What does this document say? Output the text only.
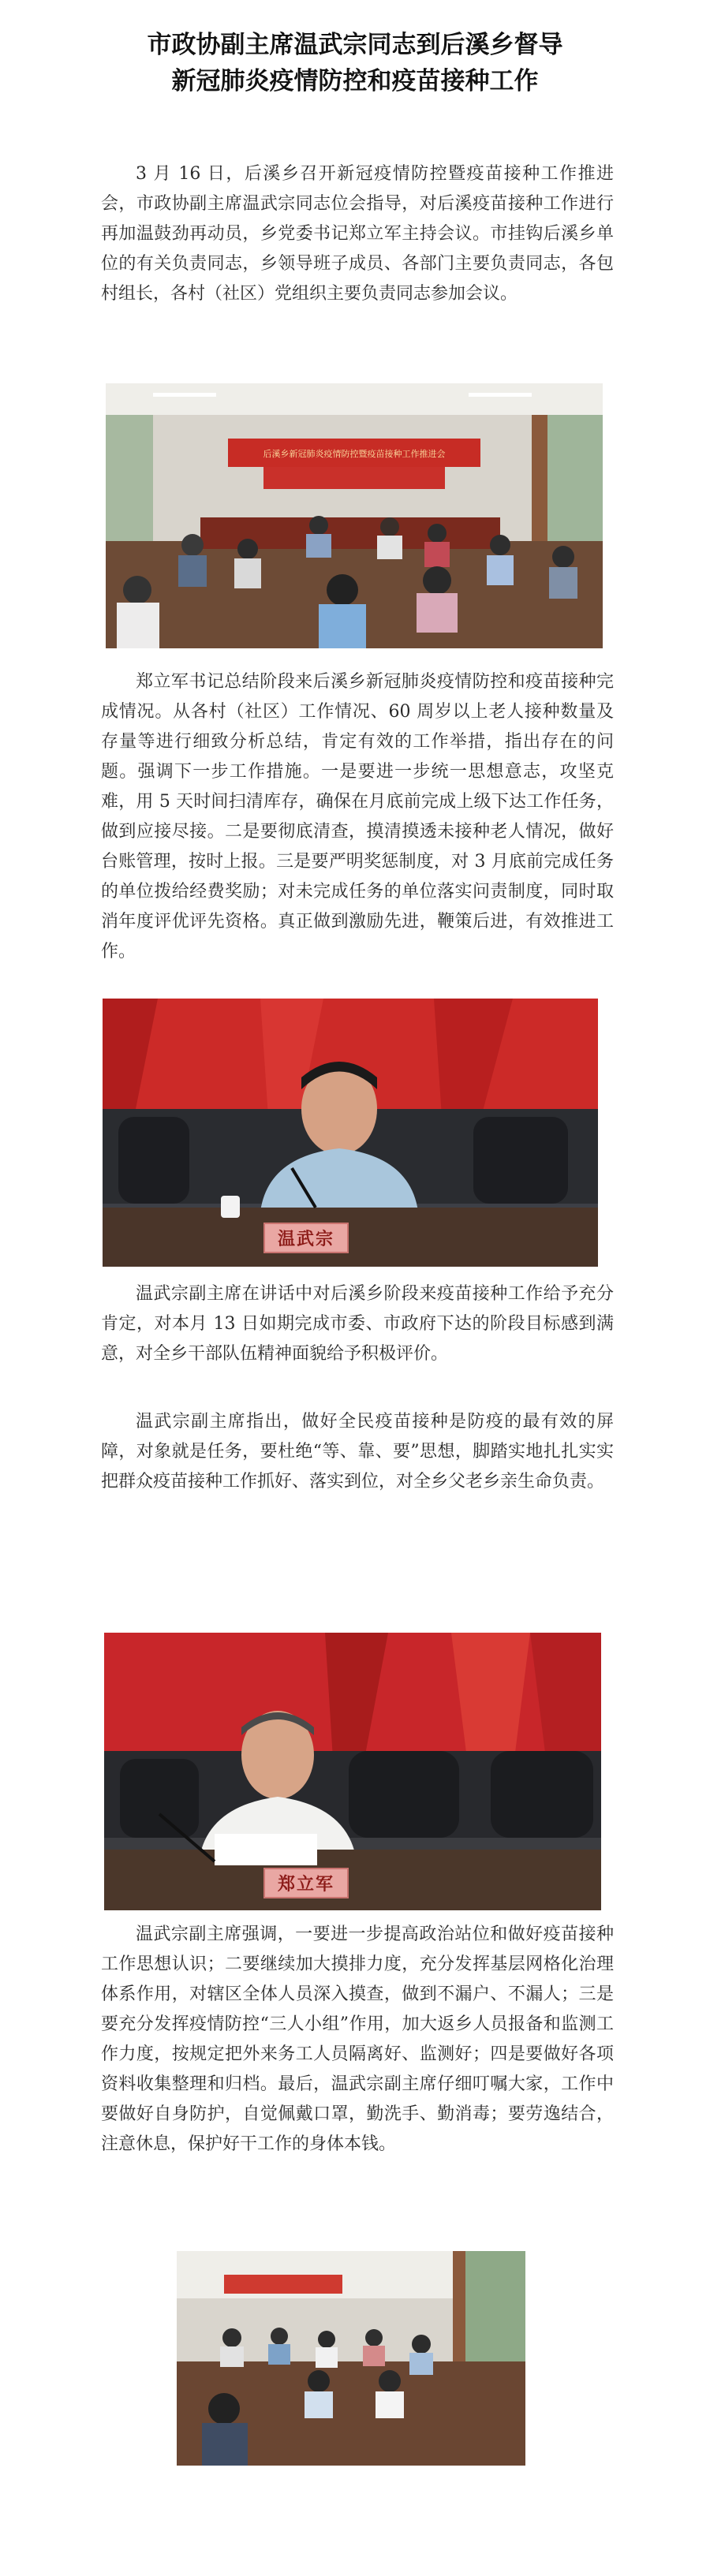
市政协副主席温武宗同志到后溪乡督导
新冠肺炎疫情防控和疫苗接种工作

3 月 16 日，后溪乡召开新冠疫情防控暨疫苗接种工作推进会，市政协副主席温武宗同志位会指导，对后溪疫苗接种工作进行再加温鼓劲再动员，乡党委书记郑立军主持会议。市挂钩后溪乡单位的有关负责同志，乡领导班子成员、各部门主要负责同志，各包村组长，各村（社区）党组织主要负责同志参加会议。

后溪乡新冠肺炎疫情防控暨疫苗接种工作推进会

郑立军书记总结阶段来后溪乡新冠肺炎疫情防控和疫苗接种完成情况。从各村（社区）工作情况、60 周岁以上老人接种数量及存量等进行细致分析总结，肯定有效的工作举措，指出存在的问题。强调下一步工作措施。一是要进一步统一思想意志，攻坚克难，用 5 天时间扫清库存，确保在月底前完成上级下达工作任务，做到应接尽接。二是要彻底清查，摸清摸透未接种老人情况，做好台账管理，按时上报。三是要严明奖惩制度，对 3 月底前完成任务的单位拨给经费奖励；对未完成任务的单位落实问责制度，同时取消年度评优评先资格。真正做到激励先进，鞭策后进，有效推进工作。

温武宗

温武宗副主席在讲话中对后溪乡阶段来疫苗接种工作给予充分肯定，对本月 13 日如期完成市委、市政府下达的阶段目标感到满意，对全乡干部队伍精神面貌给予积极评价。

温武宗副主席指出，做好全民疫苗接种是防疫的最有效的屏障，对象就是任务，要杜绝“等、靠、要”思想，脚踏实地扎扎实实把群众疫苗接种工作抓好、落实到位，对全乡父老乡亲生命负责。

郑立军

温武宗副主席强调，一要进一步提高政治站位和做好疫苗接种工作思想认识；二要继续加大摸排力度，充分发挥基层网格化治理体系作用，对辖区全体人员深入摸查，做到不漏户、不漏人；三是要充分发挥疫情防控“三人小组”作用，加大返乡人员报备和监测工作力度，按规定把外来务工人员隔离好、监测好；四是要做好各项资料收集整理和归档。最后，温武宗副主席仔细叮嘱大家，工作中要做好自身防护，自觉佩戴口罩，勤洗手、勤消毒；要劳逸结合，注意休息，保护好干工作的身体本钱。
